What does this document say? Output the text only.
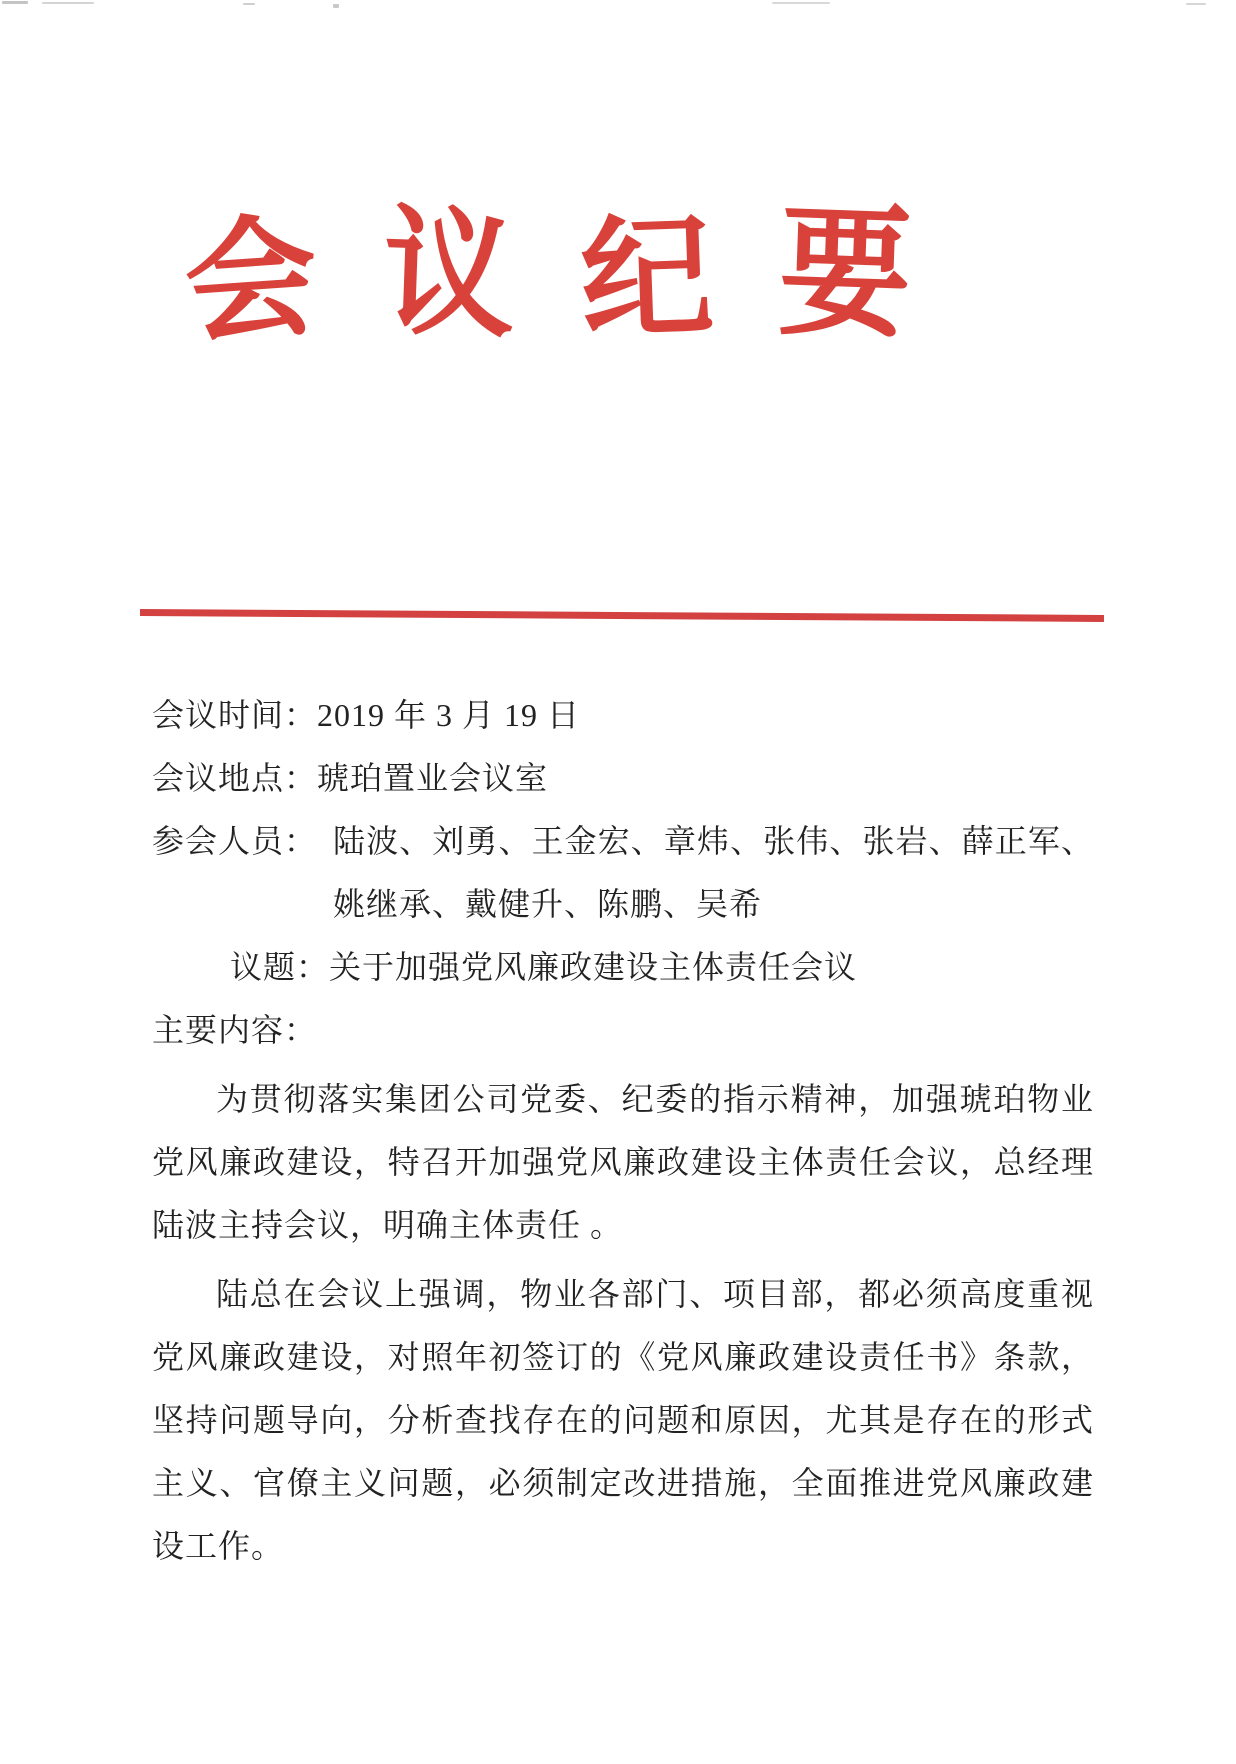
会 议 纪 要
会议时间：2019 年 3 月 19 日
会议地点：琥珀置业会议室
参会人员： 陆波、刘勇、王金宏、章炜、张伟、张岩、薛正军、姚继承、戴健升、陈鹏、吴希
议题：关于加强党风廉政建设主体责任会议
主要内容：

为贯彻落实集团公司党委、纪委的指示精神，加强琥珀物业党风廉政建设，特召开加强党风廉政建设主体责任会议，总经理陆波主持会议，明确主体责任 。

陆总在会议上强调，物业各部门、项目部，都必须高度重视党风廉政建设，对照年初签订的《党风廉政建设责任书》条款，坚持问题导向，分析查找存在的问题和原因，尤其是存在的形式主义、官僚主义问题，必须制定改进措施，全面推进党风廉政建设工作。
